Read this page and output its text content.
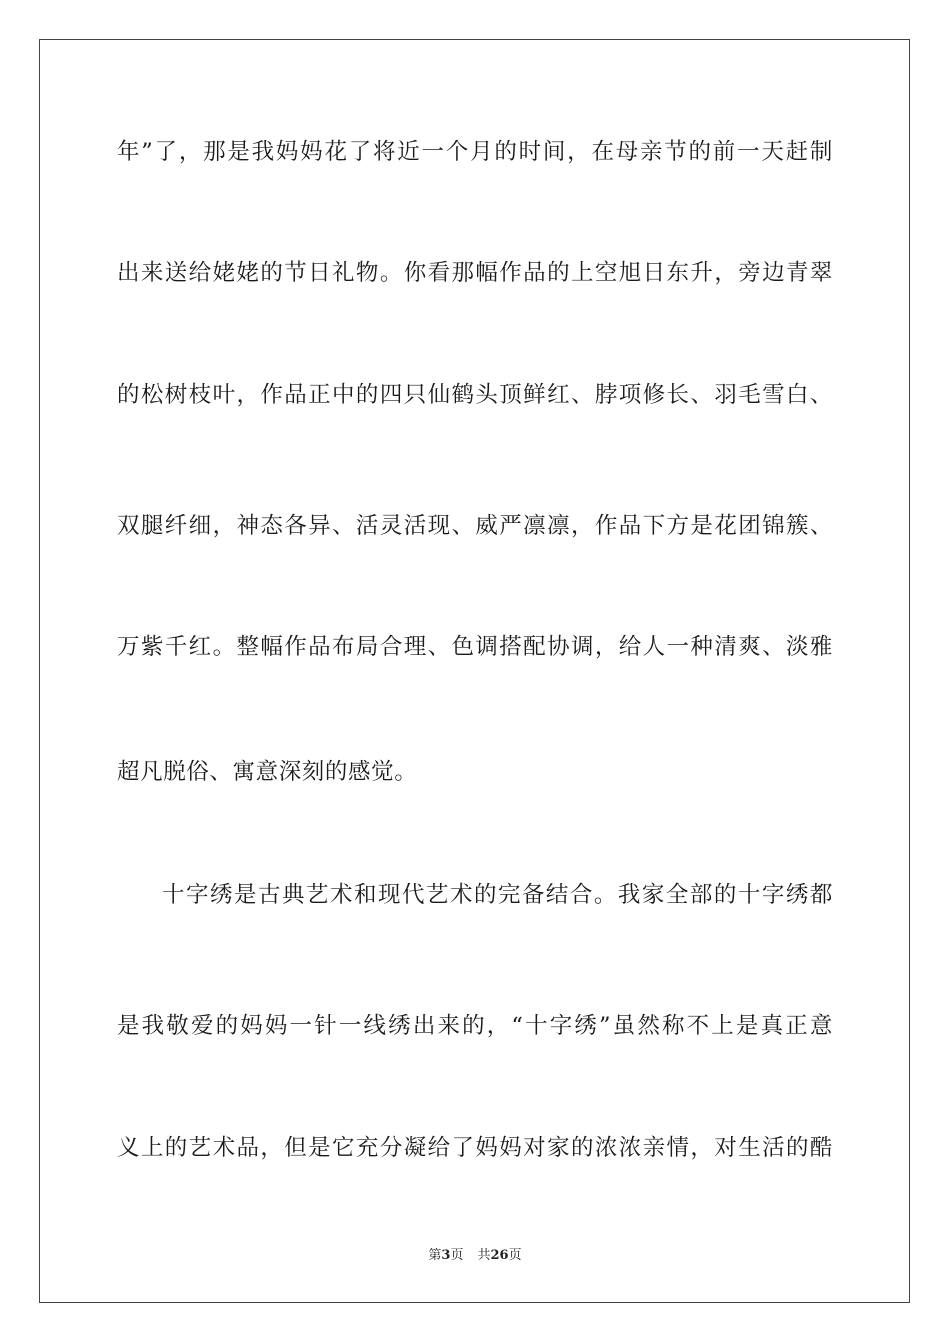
年”了，那是我妈妈花了将近一个月的时间，在母亲节的前一天赶制
出来送给姥姥的节日礼物。你看那幅作品的上空旭日东升，旁边青翠
的松树枝叶，作品正中的四只仙鹤头顶鲜红、脖项修长、羽毛雪白、
双腿纤细，神态各异、活灵活现、威严凛凛，作品下方是花团锦簇、
万紫千红。整幅作品布局合理、色调搭配协调，给人一种清爽、淡雅
超凡脱俗、寓意深刻的感觉。
十字绣是古典艺术和现代艺术的完备结合。我家全部的十字绣都
是我敬爱的妈妈一针一线绣出来的，“十字绣”虽然称不上是真正意
义上的艺术品，但是它充分凝给了妈妈对家的浓浓亲情，对生活的酷
第3页 共26页
